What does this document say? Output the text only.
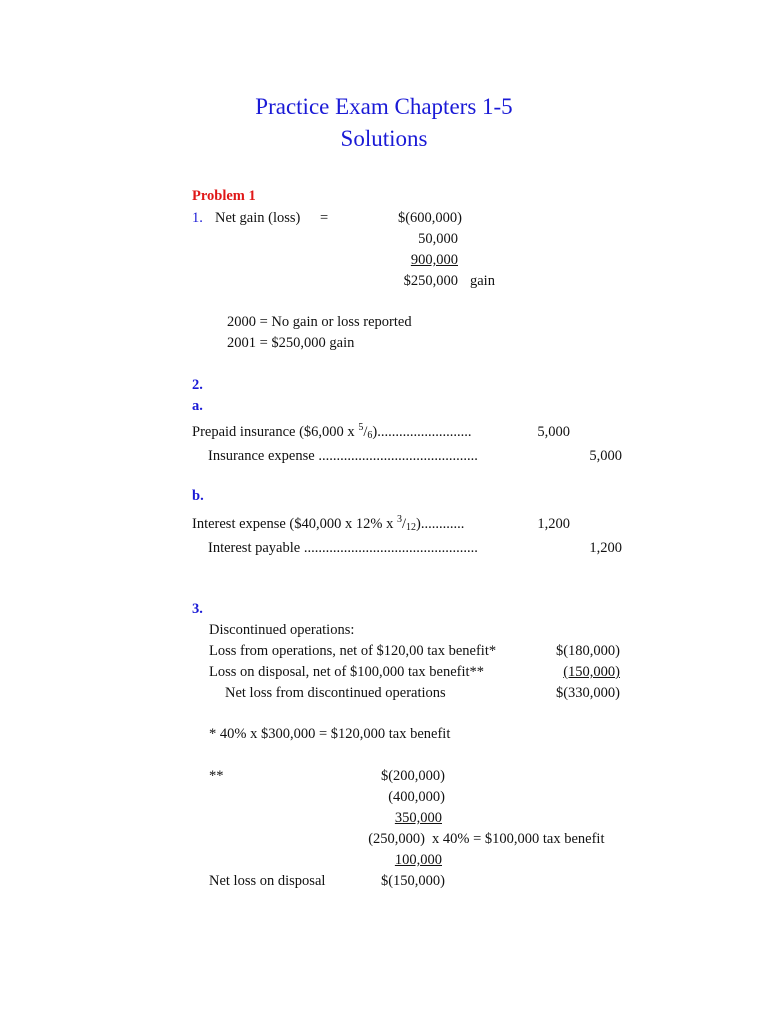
Practice Exam Chapters 1-5
Solutions
Problem 1
1. Net gain (loss) =	$(600,000)
50,000
900,000
$250,000 gain
2000 = No gain or loss reported
2001 = $250,000 gain
2.
a.
Prepaid insurance ($6,000 x $^5/_6$)..........................	5,000
Insurance expense ............................................	5,000
b.
Interest expense ($40,000 x 12% x $^3/_{12}$)............	1,200
Interest payable ................................................	1,200
3.
Discontinued operations:
Loss from operations, net of $120,00 tax benefit*	$(180,000)
Loss on disposal, net of $100,000 tax benefit**	(150,000)
Net loss from discontinued operations	$(330,000)
* 40% x $300,000 = $120,000 tax benefit
**	$(200,000)
(400,000)
350,000
(250,000) x 40% = $100,000 tax benefit
100,000
Net loss on disposal	$(150,000)
